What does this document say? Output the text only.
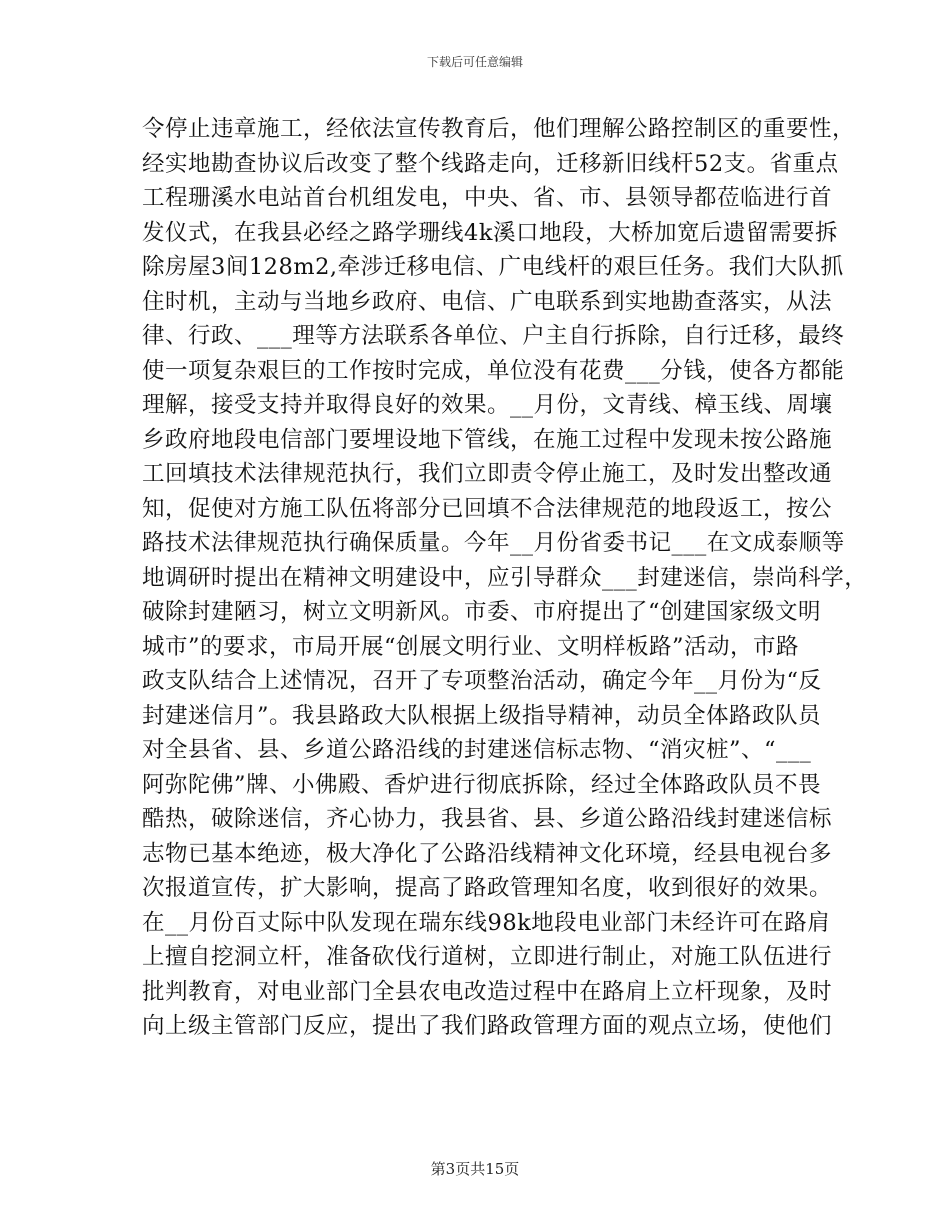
下载后可任意编辑
令停止违章施工，经依法宣传教育后，他们理解公路控制区的重要性，
经实地勘查协议后改变了整个线路走向，迁移新旧线杆52支。省重点
工程珊溪水电站首台机组发电，中央、省、市、县领导都莅临进行首
发仪式，在我县必经之路学珊线4k溪口地段，大桥加宽后遗留需要拆
除房屋3间128m2,牵涉迁移电信、广电线杆的艰巨任务。我们大队抓
住时机，主动与当地乡政府、电信、广电联系到实地勘查落实，从法
律、行政、___理等方法联系各单位、户主自行拆除，自行迁移，最终
使一项复杂艰巨的工作按时完成，单位没有花费___分钱，使各方都能
理解，接受支持并取得良好的效果。__月份，文青线、樟玉线、周壤
乡政府地段电信部门要埋设地下管线，在施工过程中发现未按公路施
工回填技术法律规范执行，我们立即责令停止施工，及时发出整改通
知，促使对方施工队伍将部分已回填不合法律规范的地段返工，按公
路技术法律规范执行确保质量。今年__月份省委书记___在文成泰顺等
地调研时提出在精神文明建设中，应引导群众___封建迷信，崇尚科学，
破除封建陋习，树立文明新风。市委、市府提出了“创建国家级文明
城市”的要求，市局开展“创展文明行业、文明样板路”活动，市路
政支队结合上述情况，召开了专项整治活动，确定今年__月份为“反
封建迷信月”。我县路政大队根据上级指导精神，动员全体路政队员
对全县省、县、乡道公路沿线的封建迷信标志物、“消灾桩”、“___
阿弥陀佛”牌、小佛殿、香炉进行彻底拆除，经过全体路政队员不畏
酷热，破除迷信，齐心协力，我县省、县、乡道公路沿线封建迷信标
志物已基本绝迹，极大净化了公路沿线精神文化环境，经县电视台多
次报道宣传，扩大影响，提高了路政管理知名度，收到很好的效果。
在__月份百丈际中队发现在瑞东线98k地段电业部门未经许可在路肩
上擅自挖洞立杆，准备砍伐行道树，立即进行制止，对施工队伍进行
批判教育，对电业部门全县农电改造过程中在路肩上立杆现象，及时
向上级主管部门反应，提出了我们路政管理方面的观点立场，使他们
第3页共15页
